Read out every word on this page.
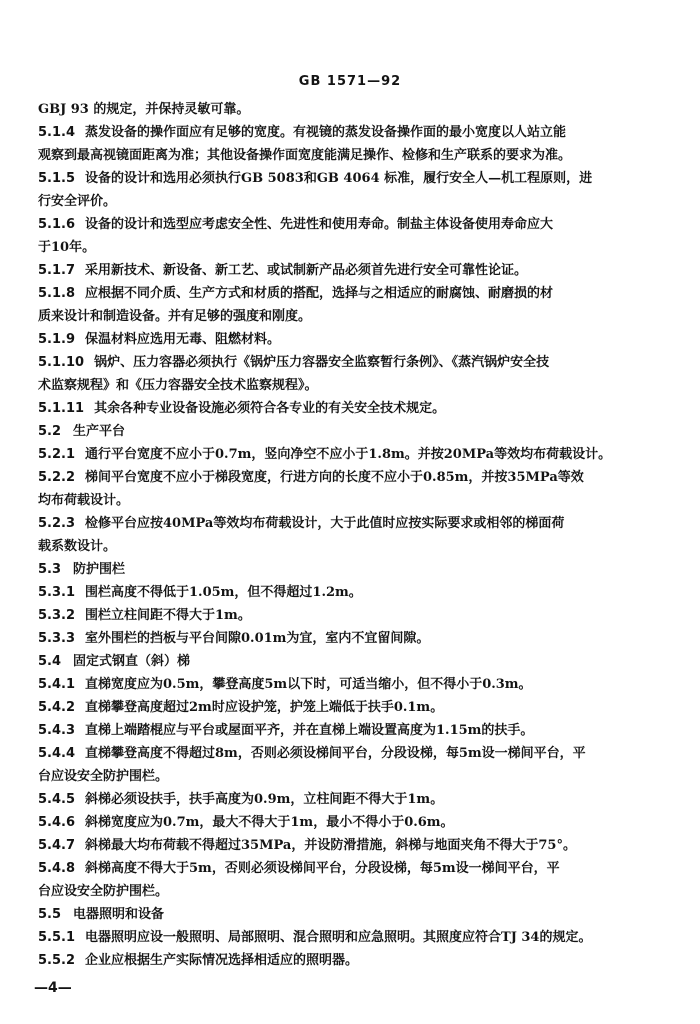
GB 1571—92
GBJ 93 的规定，并保持灵敏可靠。
5.1.4 蒸发设备的操作面应有足够的宽度。有视镜的蒸发设备操作面的最小宽度以人站立能
观察到最高视镜面距离为准；其他设备操作面宽度能满足操作、检修和生产联系的要求为准。
5.1.5 设备的设计和选用必须执行GB 5083和GB 4064 标准，履行安全人—机工程原则，进
行安全评价。
5.1.6 设备的设计和选型应考虑安全性、先进性和使用寿命。制盐主体设备使用寿命应大
于10年。
5.1.7 采用新技术、新设备、新工艺、或试制新产品必须首先进行安全可靠性论证。
5.1.8 应根据不同介质、生产方式和材质的搭配，选择与之相适应的耐腐蚀、耐磨损的材
质来设计和制造设备。并有足够的强度和刚度。
5.1.9 保温材料应选用无毒、阻燃材料。
5.1.10 锅炉、压力容器必须执行《锅炉压力容器安全监察暂行条例》、《蒸汽锅炉安全技
术监察规程》和《压力容器安全技术监察规程》。
5.1.11 其余各种专业设备设施必须符合各专业的有关安全技术规定。
5.2 生产平台
5.2.1 通行平台宽度不应小于0.7m，竖向净空不应小于1.8m。并按20MPa等效均布荷载设计。
5.2.2 梯间平台宽度不应小于梯段宽度，行进方向的长度不应小于0.85m，并按35MPa等效
均布荷载设计。
5.2.3 检修平台应按40MPa等效均布荷载设计，大于此值时应按实际要求或相邻的梯面荷
载系数设计。
5.3 防护围栏
5.3.1 围栏高度不得低于1.05m，但不得超过1.2m。
5.3.2 围栏立柱间距不得大于1m。
5.3.3 室外围栏的挡板与平台间隙0.01m为宜，室内不宜留间隙。
5.4 固定式钢直（斜）梯
5.4.1 直梯宽度应为0.5m，攀登高度5m以下时，可适当缩小，但不得小于0.3m。
5.4.2 直梯攀登高度超过2m时应设护笼，护笼上端低于扶手0.1m。
5.4.3 直梯上端踏棍应与平台或屋面平齐，并在直梯上端设置高度为1.15m的扶手。
5.4.4 直梯攀登高度不得超过8m，否则必须设梯间平台，分段设梯，每5m设一梯间平台，平
台应设安全防护围栏。
5.4.5 斜梯必须设扶手，扶手高度为0.9m，立柱间距不得大于1m。
5.4.6 斜梯宽度应为0.7m，最大不得大于1m，最小不得小于0.6m。
5.4.7 斜梯最大均布荷载不得超过35MPa，并设防滑措施，斜梯与地面夹角不得大于75°。
5.4.8 斜梯高度不得大于5m，否则必须设梯间平台，分段设梯，每5m设一梯间平台，平
台应设安全防护围栏。
5.5 电器照明和设备
5.5.1 电器照明应设一般照明、局部照明、混合照明和应急照明。其照度应符合TJ 34的规定。
5.5.2 企业应根据生产实际情况选择相适应的照明器。
—4—
